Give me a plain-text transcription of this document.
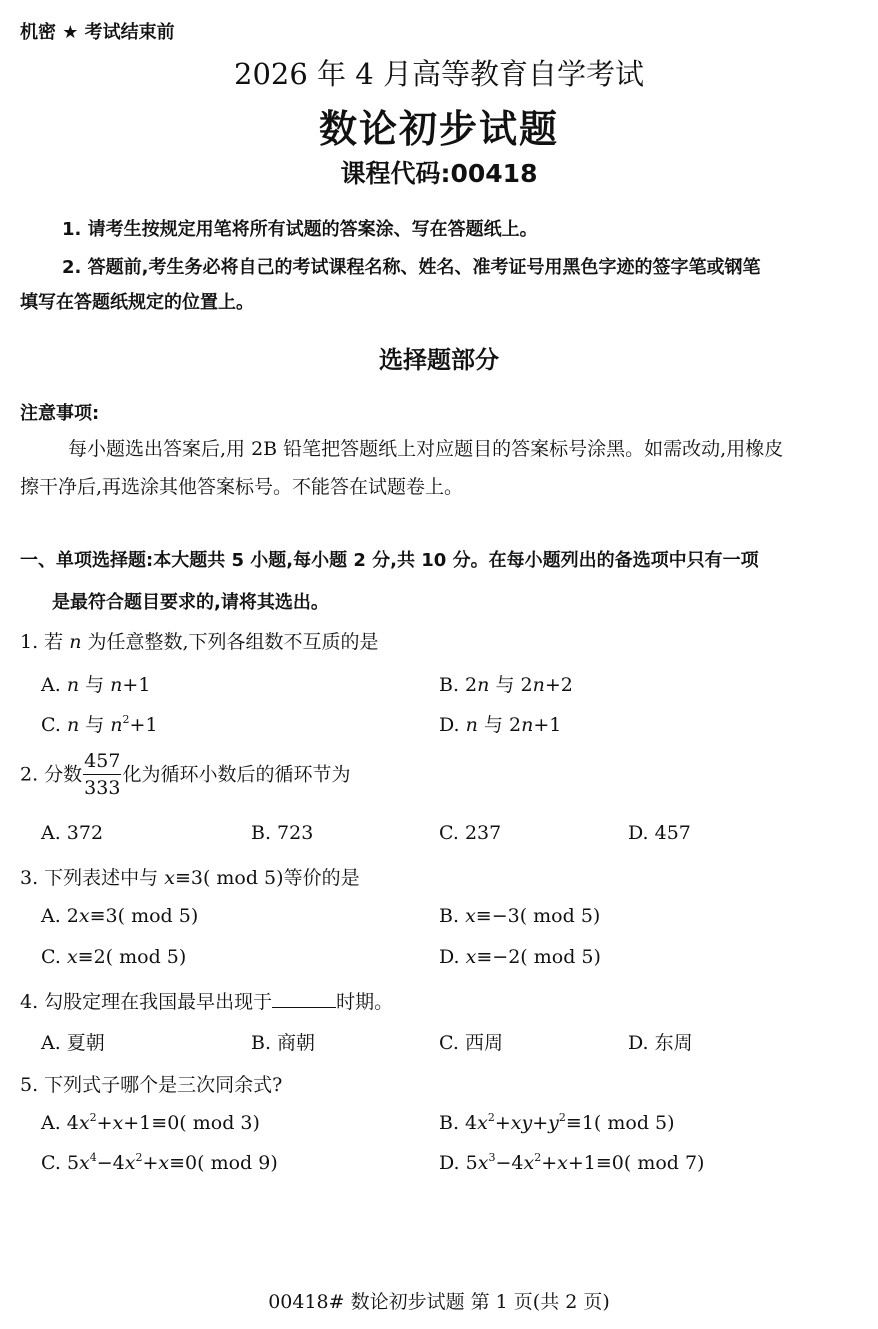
机密 ★ 考试结束前
2026 年 4 月高等教育自学考试
数论初步试题
课程代码:00418
1. 请考生按规定用笔将所有试题的答案涂、写在答题纸上。
2. 答题前,考生务必将自己的考试课程名称、姓名、准考证号用黑色字迹的签字笔或钢笔
填写在答题纸规定的位置上。
选择题部分
注意事项:
每小题选出答案后,用 2B 铅笔把答题纸上对应题目的答案标号涂黑。如需改动,用橡皮
擦干净后,再选涂其他答案标号。不能答在试题卷上。
一、单项选择题:本大题共 5 小题,每小题 2 分,共 10 分。在每小题列出的备选项中只有一项
是最符合题目要求的,请将其选出。
1. 若 n 为任意整数,下列各组数不互质的是
A. n 与 n+1	B. 2n 与 2n+2
C. n 与 $n^2+1$	D. n 与 2n+1
2. 分数 $\frac{457}{333}$ 化为循环小数后的循环节为
A. 372	B. 723	C. 237	D. 457
3. 下列表述中与 x≡3( mod 5)等价的是
A. 2x≡3( mod 5)	B. x≡−3( mod 5)
C. x≡2( mod 5)	D. x≡−2( mod 5)
4. 勾股定理在我国最早出现于	时期。
A. 夏朝	B. 商朝	C. 西周	D. 东周
5. 下列式子哪个是三次同余式?
A. $4x^2+x+1\equiv 0$( mod 3)	B. $4x^2+xy+y^2\equiv 1$( mod 5)
C. $5x^4-4x^2+x\equiv 0$( mod 9)	D. $5x^3-4x^2+x+1\equiv 0$( mod 7)
00418# 数论初步试题 第 1 页(共 2 页)
